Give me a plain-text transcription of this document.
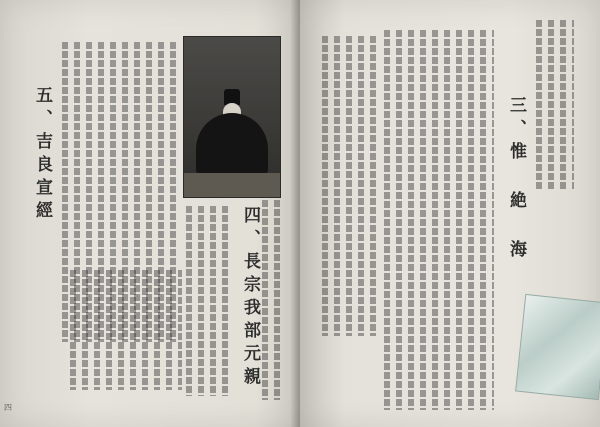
五、吉良宣經
四、長宗我部元親
四
三、惟 絶 海
